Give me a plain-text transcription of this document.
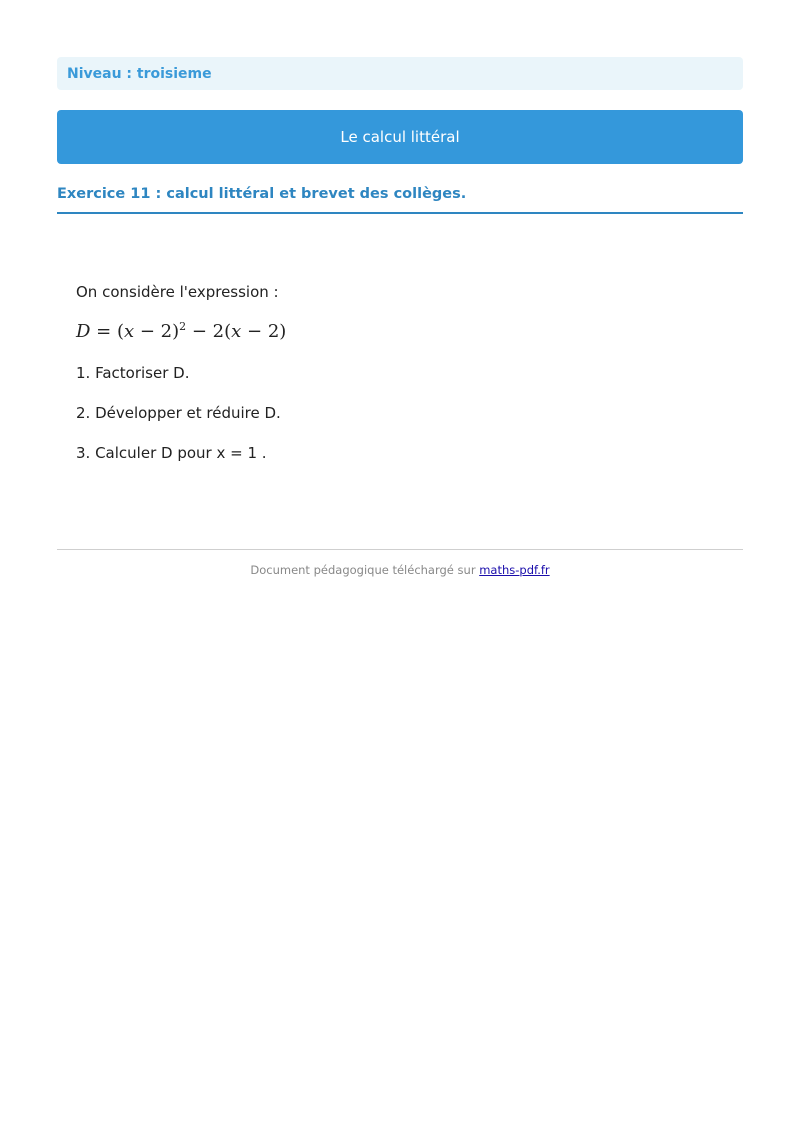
Niveau : troisieme
Le calcul littéral
Exercice 11 : calcul littéral et brevet des collèges.

On considère l'expression :

$D = (x - 2)^2 - 2(x - 2)$

1. Factoriser D.

2. Développer et réduire D.

3. Calculer D pour x = 1 .

Document pédagogique téléchargé sur maths-pdf.fr
